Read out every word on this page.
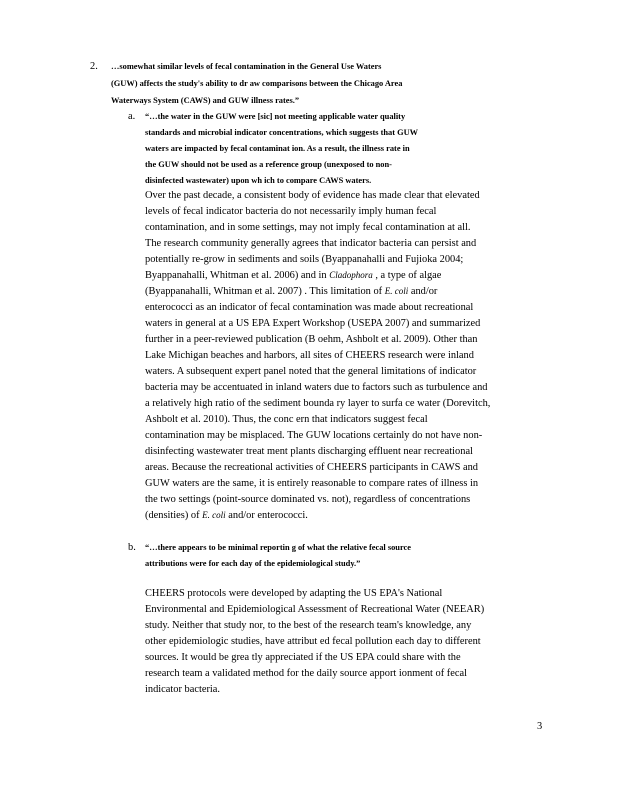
2. …somewhat similar levels of fecal contamination in the General Use Waters
(GUW) affects the study's ability to dr aw comparisons between the Chicago Area
Waterways System (CAWS) and GUW illness rates.”
a. “…the water in the GUW were [sic] not meeting applicable water quality
standards and microbial indicator concentrations, which suggests that GUW
waters are impacted by fecal contaminat ion. As a result, the illness rate in
the GUW should not be used as a reference group (unexposed to non-
disinfected wastewater) upon wh ich to compare CAWS waters.
Over the past decade, a consistent body of evidence has made clear that elevated
levels of fecal indicator bacteria do not necessarily imply human fecal
contamination, and in some settings, may not imply fecal contamination at all.
The research community generally agrees that indicator bacteria can persist and
potentially re-grow in sediments and soils (Byappanahalli and Fujioka 2004;
Byappanahalli, Whitman et al. 2006) and in Cladophora , a type of algae
(Byappanahalli, Whitman et al. 2007) . This limitation of E. coli and/or
enterococci as an indicator of fecal contamination was made about recreational
waters in general at a US EPA Expert Workshop (USEPA 2007) and summarized
further in a peer-reviewed publication (B oehm, Ashbolt et al. 2009). Other than
Lake Michigan beaches and harbors, all sites of CHEERS research were inland
waters. A subsequent expert panel noted that the general limitations of indicator
bacteria may be accentuated in inland waters due to factors such as turbulence and
a relatively high ratio of the sediment bounda ry layer to surfa ce water (Dorevitch,
Ashbolt et al. 2010). Thus, the conc ern that indicators suggest fecal
contamination may be misplaced. The GUW locations certainly do not have non-
disinfecting wastewater treat ment plants discharging effluent near recreational
areas. Because the recreational activities of CHEERS participants in CAWS and
GUW waters are the same, it is entirely reasonable to compare rates of illness in
the two settings (point-source dominated vs. not), regardless of concentrations
(densities) of E. coli and/or enterococci.
b. “…there appears to be minimal reportin g of what the relative fecal source
attributions were for each day of the epidemiological study.”
CHEERS protocols were developed by adapting the US EPA's National
Environmental and Epidemiological Assessment of Recreational Water (NEEAR)
study. Neither that study nor, to the best of the research team's knowledge, any
other epidemiologic studies, have attribut ed fecal pollution each day to different
sources. It would be grea tly appreciated if the US EPA could share with the
research team a validated method for the daily source apport ionment of fecal
indicator bacteria.
3
